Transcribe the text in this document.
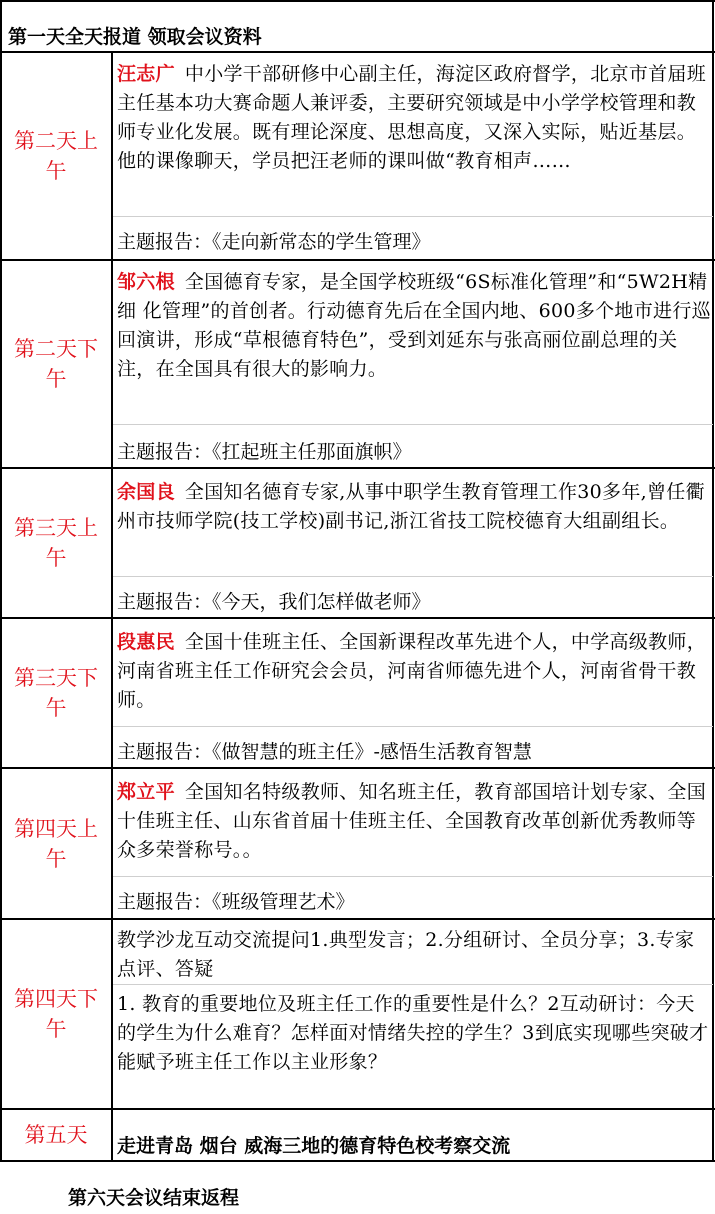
第一天全天报道 领取会议资料
第二天上午
汪志广 中小学干部研修中心副主任，海淀区政府督学，北京市首届班主任基本功大赛命题人兼评委，主要研究领域是中小学学校管理和教师专业化发展。既有理论深度、思想高度，又深入实际，贴近基层。他的课像聊天，学员把汪老师的课叫做“教育相声……
主题报告：《走向新常态的学生管理》
第二天下午
邹六根 全国德育专家，是全国学校班级“6S标准化管理”和“5W2H精细 化管理”的首创者。行动德育先后在全国内地、600多个地市进行巡回演讲，形成“草根德育特色”，受到刘延东与张高丽位副总理的关注，在全国具有很大的影响力。
主题报告：《扛起班主任那面旗帜》
第三天上午
余国良 全国知名德育专家,从事中职学生教育管理工作30多年,曾任衢州市技师学院(技工学校)副书记,浙江省技工院校德育大组副组长。
主题报告：《今天，我们怎样做老师》
第三天下午
段惠民 全国十佳班主任、全国新课程改革先进个人，中学高级教师，河南省班主任工作研究会会员，河南省师德先进个人，河南省骨干教师。
主题报告：《做智慧的班主任》-感悟生活教育智慧
第四天上午
郑立平 全国知名特级教师、知名班主任，教育部国培计划专家、全国十佳班主任、山东省首届十佳班主任、全国教育改革创新优秀教师等众多荣誉称号。。
主题报告：《班级管理艺术》
第四天下午
教学沙龙互动交流提问1.典型发言；2.分组研讨、全员分享；3.专家点评、答疑
1. 教育的重要地位及班主任工作的重要性是什么？2互动研讨：今天的学生为什么难育？怎样面对情绪失控的学生？3到底实现哪些突破才能赋予班主任工作以主业形象？
第五天	走进青岛 烟台 威海三地的德育特色校考察交流
第六天会议结束返程
